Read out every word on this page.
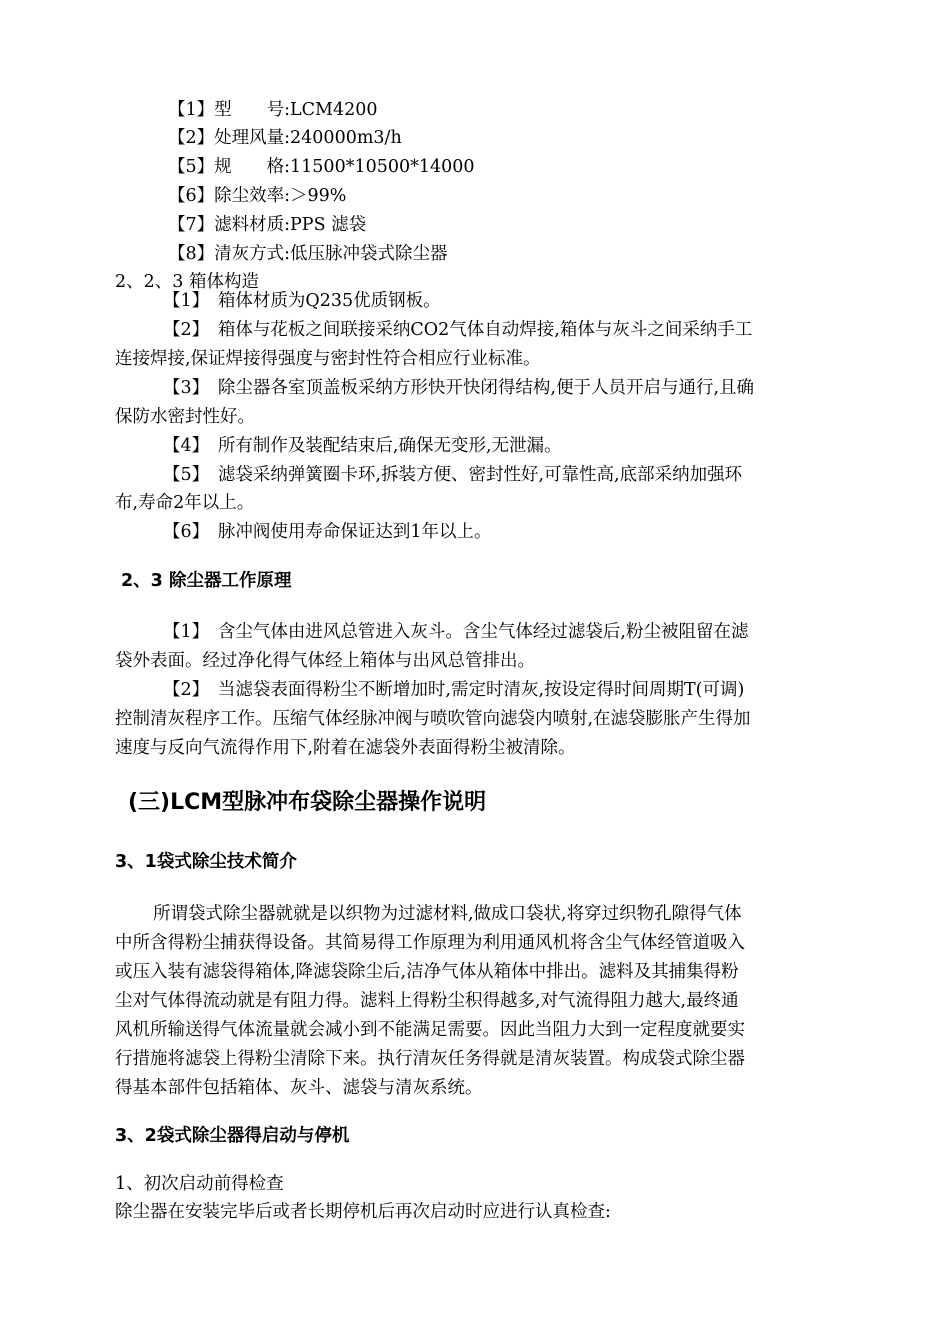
【1】型　　号:LCM4200
【2】处理风量:240000m3/h
【5】规　　格:11500*10500*14000
【6】除尘效率:＞99%
【7】滤料材质:PPS 滤袋
【8】清灰方式:低压脉冲袋式除尘器
2、2、3 箱体构造
【1】　箱体材质为Q235优质钢板。
【2】　箱体与花板之间联接采纳CO2气体自动焊接,箱体与灰斗之间采纳手工
连接焊接,保证焊接得强度与密封性符合相应行业标准。
【3】　除尘器各室顶盖板采纳方形快开快闭得结构,便于人员开启与通行,且确
保防水密封性好。
【4】　所有制作及装配结束后,确保无变形,无泄漏。
【5】　滤袋采纳弹簧圈卡环,拆装方便、密封性好,可靠性高,底部采纳加强环
布,寿命2年以上。
【6】　脉冲阀使用寿命保证达到1年以上。
2、3 除尘器工作原理
【1】　含尘气体由进风总管进入灰斗。含尘气体经过滤袋后,粉尘被阻留在滤
袋外表面。经过净化得气体经上箱体与出风总管排出。
【2】　当滤袋表面得粉尘不断增加时,需定时清灰,按设定得时间周期T(可调)
控制清灰程序工作。压缩气体经脉冲阀与喷吹管向滤袋内喷射,在滤袋膨胀产生得加
速度与反向气流得作用下,附着在滤袋外表面得粉尘被清除。
(三)LCM型脉冲布袋除尘器操作说明
3、1袋式除尘技术简介
所谓袋式除尘器就就是以织物为过滤材料,做成口袋状,将穿过织物孔隙得气体
中所含得粉尘捕获得设备。其简易得工作原理为利用通风机将含尘气体经管道吸入
或压入装有滤袋得箱体,降滤袋除尘后,洁净气体从箱体中排出。滤料及其捕集得粉
尘对气体得流动就是有阻力得。滤料上得粉尘积得越多,对气流得阻力越大,最终通
风机所输送得气体流量就会减小到不能满足需要。因此当阻力大到一定程度就要实
行措施将滤袋上得粉尘清除下来。执行清灰任务得就是清灰装置。构成袋式除尘器
得基本部件包括箱体、灰斗、滤袋与清灰系统。
3、2袋式除尘器得启动与停机
1、初次启动前得检查
除尘器在安装完毕后或者长期停机后再次启动时应进行认真检查:
